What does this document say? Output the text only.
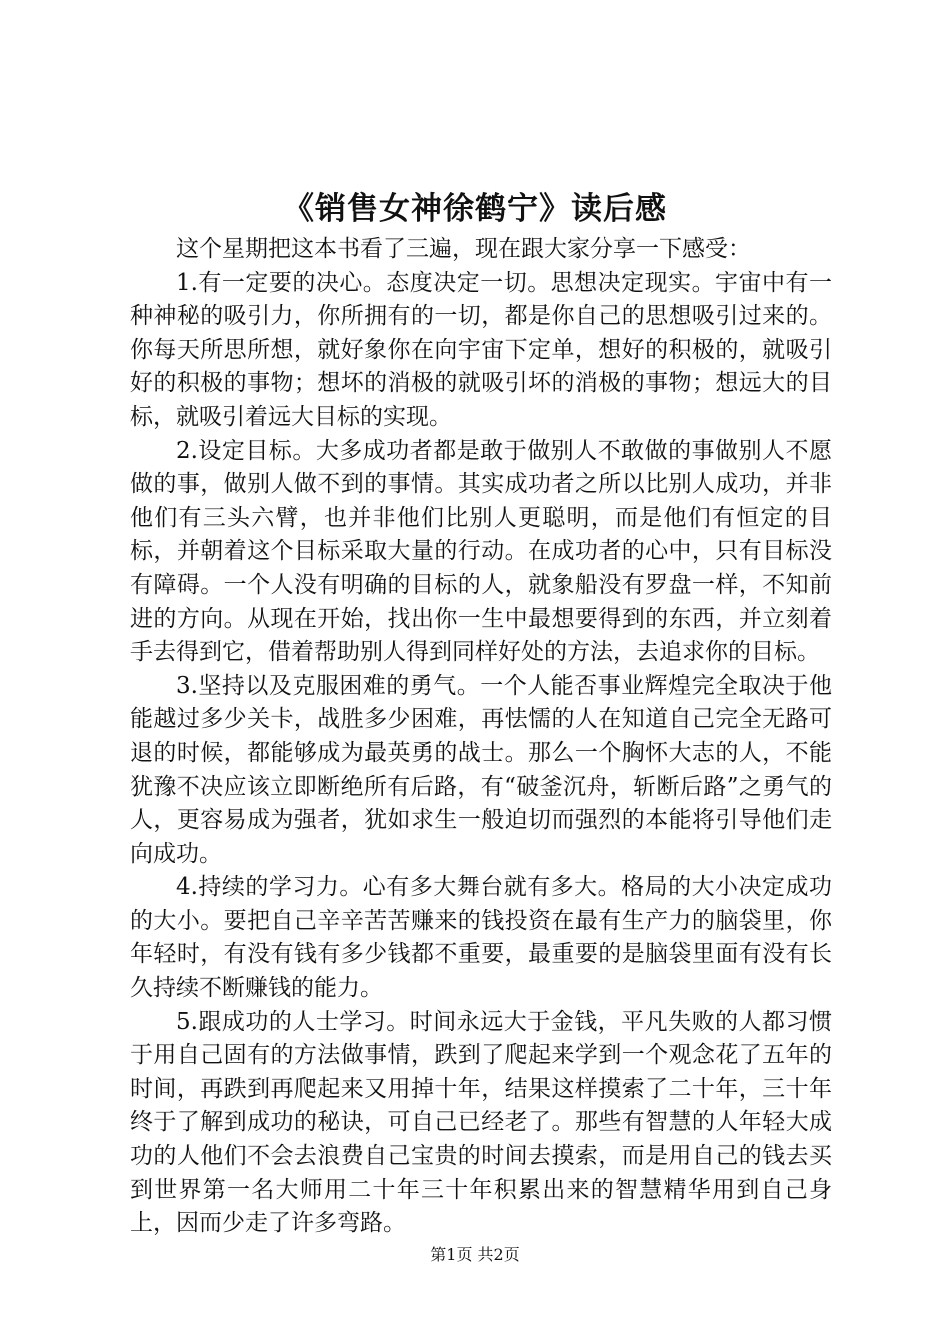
《销售女神徐鹤宁》读后感

这个星期把这本书看了三遍，现在跟大家分享一下感受：

1.有一定要的决心。态度决定一切。思想决定现实。宇宙中有一种神秘的吸引力，你所拥有的一切，都是你自己的思想吸引过来的。你每天所思所想，就好象你在向宇宙下定单，想好的积极的，就吸引好的积极的事物；想坏的消极的就吸引坏的消极的事物；想远大的目标，就吸引着远大目标的实现。

2.设定目标。大多成功者都是敢于做别人不敢做的事做别人不愿做的事，做别人做不到的事情。其实成功者之所以比别人成功，并非他们有三头六臂，也并非他们比别人更聪明，而是他们有恒定的目标，并朝着这个目标采取大量的行动。在成功者的心中，只有目标没有障碍。一个人没有明确的目标的人，就象船没有罗盘一样，不知前进的方向。从现在开始，找出你一生中最想要得到的东西，并立刻着手去得到它，借着帮助别人得到同样好处的方法，去追求你的目标。

3.坚持以及克服困难的勇气。一个人能否事业辉煌完全取决于他能越过多少关卡，战胜多少困难，再怯懦的人在知道自己完全无路可退的时候，都能够成为最英勇的战士。那么一个胸怀大志的人，不能犹豫不决应该立即断绝所有后路，有“破釜沉舟，斩断后路”之勇气的人，更容易成为强者，犹如求生一般迫切而强烈的本能将引导他们走向成功。

4.持续的学习力。心有多大舞台就有多大。格局的大小决定成功的大小。要把自己辛辛苦苦赚来的钱投资在最有生产力的脑袋里，你年轻时，有没有钱有多少钱都不重要，最重要的是脑袋里面有没有长久持续不断赚钱的能力。

5.跟成功的人士学习。时间永远大于金钱，平凡失败的人都习惯于用自己固有的方法做事情，跌到了爬起来学到一个观念花了五年的时间，再跌到再爬起来又用掉十年，结果这样摸索了二十年，三十年终于了解到成功的秘诀，可自己已经老了。那些有智慧的人年轻大成功的人他们不会去浪费自己宝贵的时间去摸索，而是用自己的钱去买到世界第一名大师用二十年三十年积累出来的智慧精华用到自己身上，因而少走了许多弯路。

第1页 共2页
